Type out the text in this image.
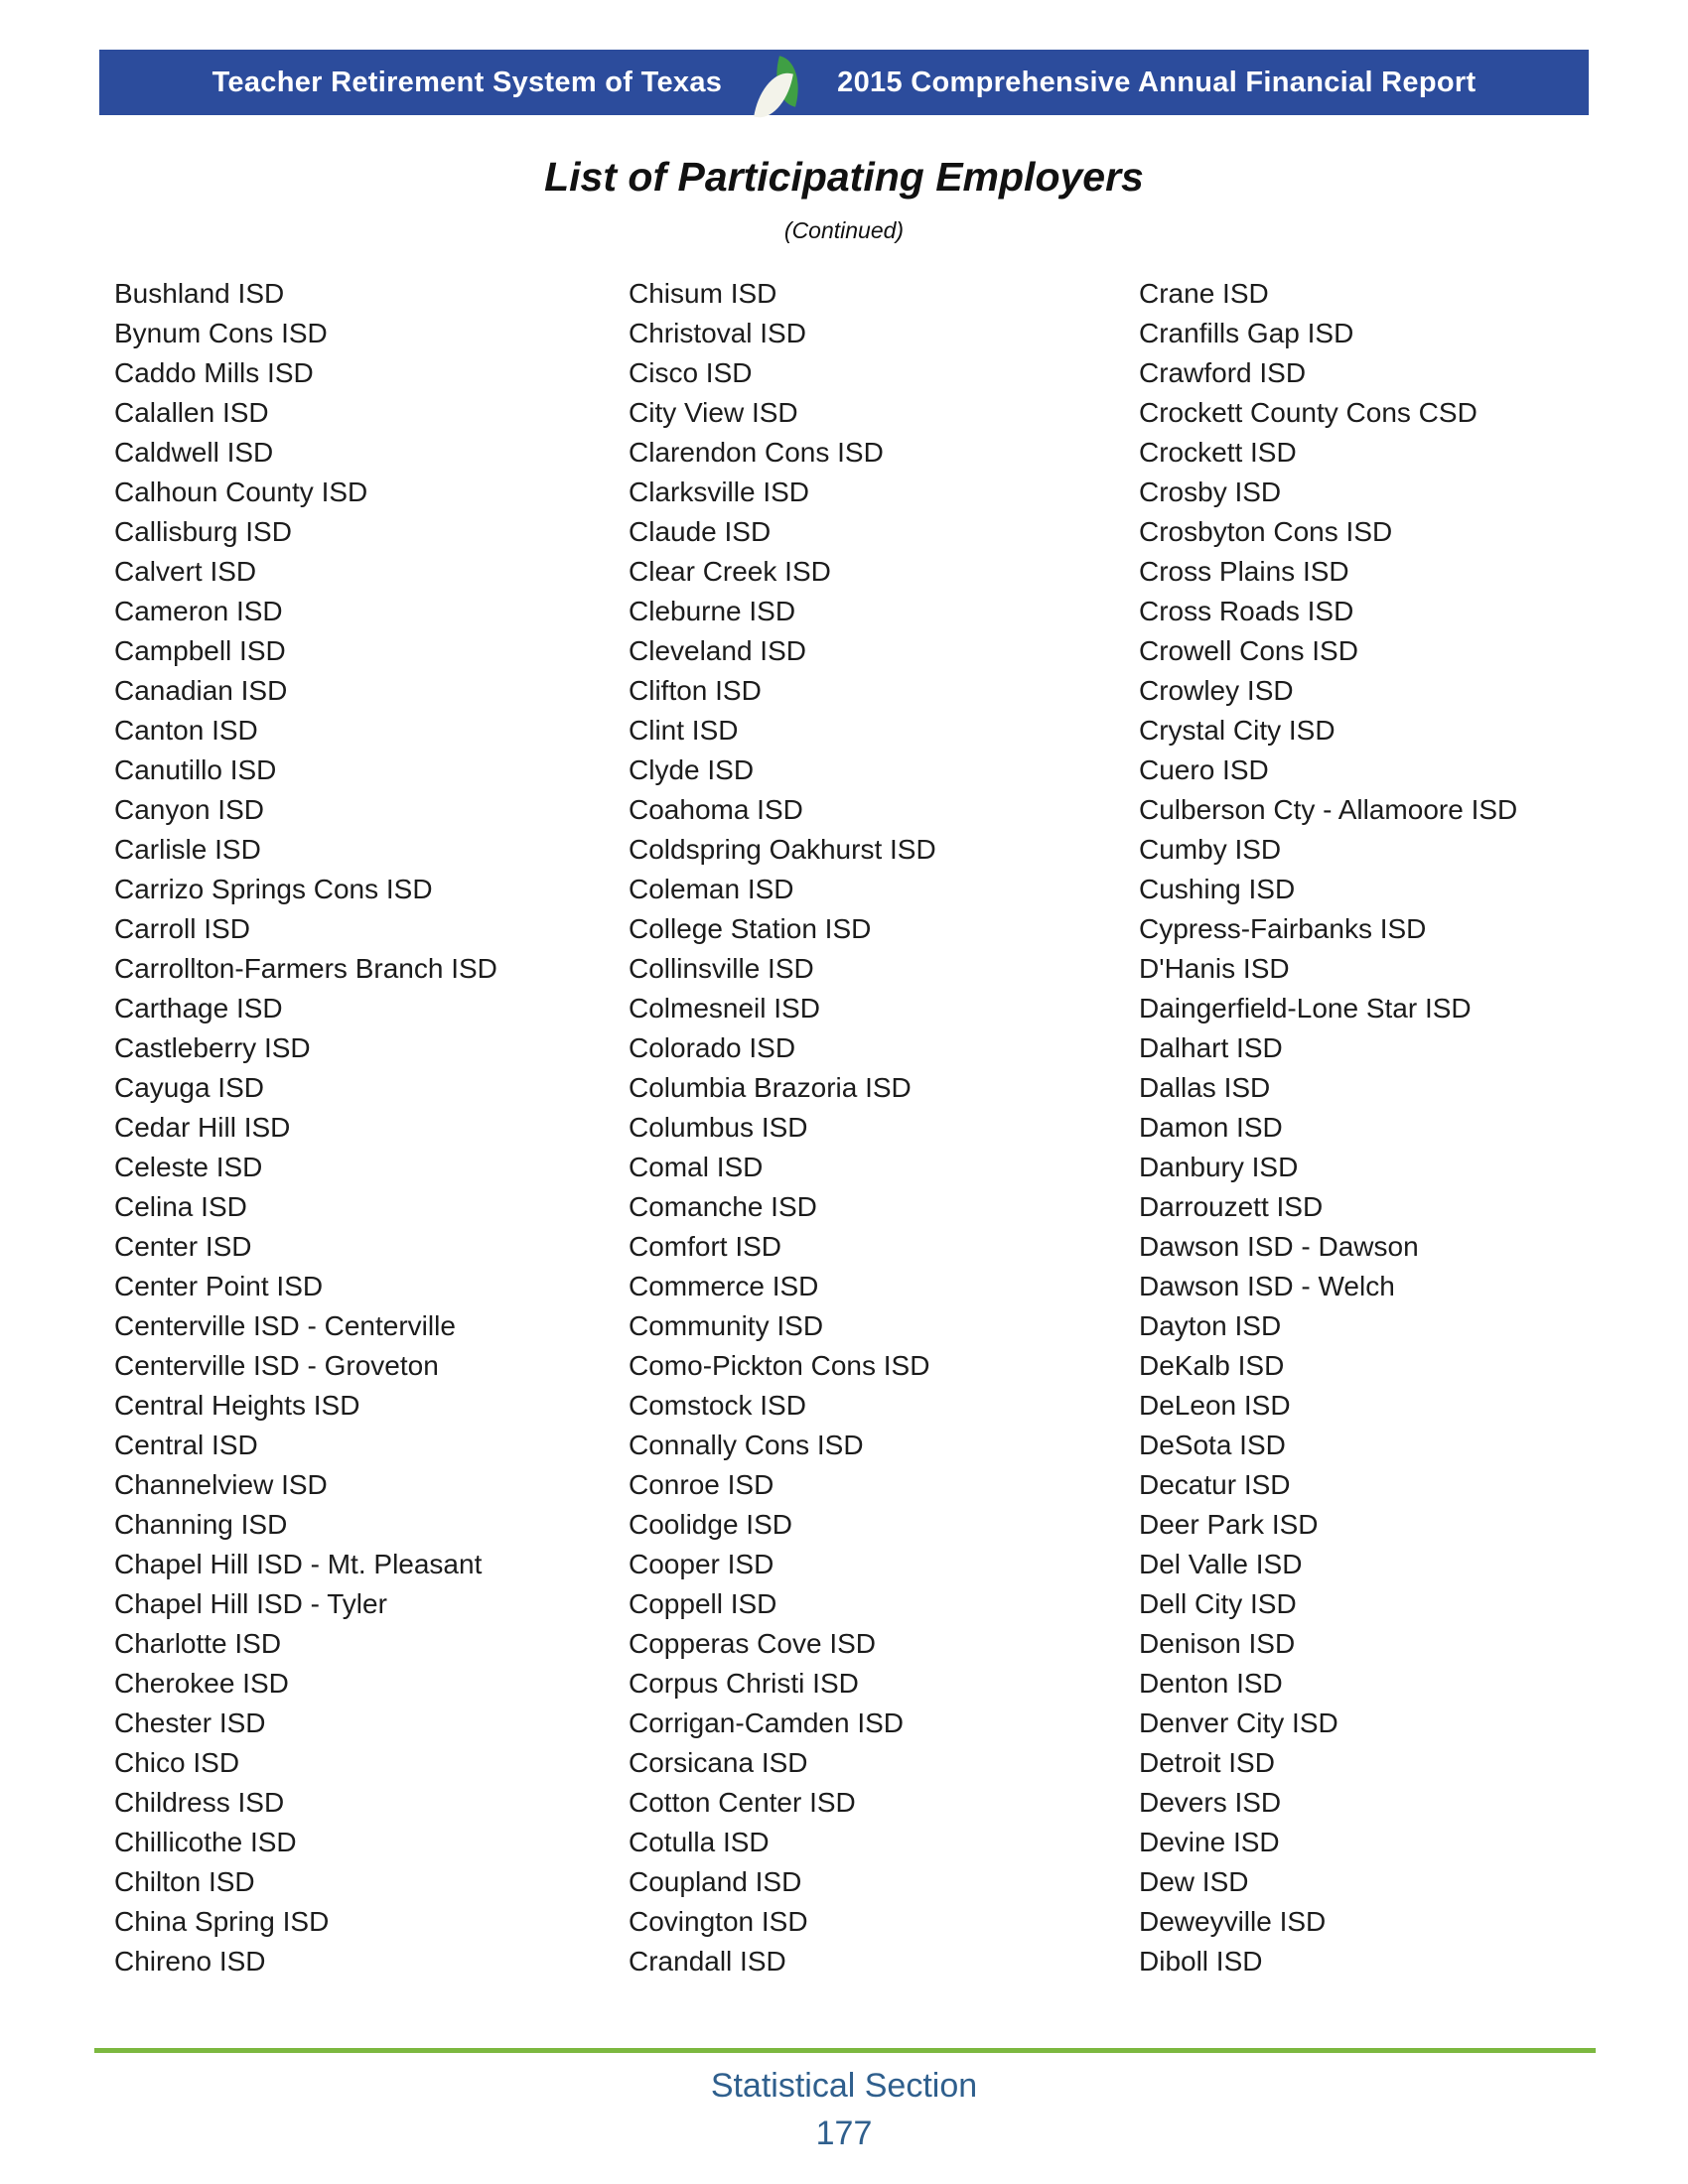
Teacher Retirement System of Texas	2015 Comprehensive Annual Financial Report
List of Participating Employers
(Continued)
Bushland ISD
Bynum Cons ISD
Caddo Mills ISD
Calallen ISD
Caldwell ISD
Calhoun County ISD
Callisburg ISD
Calvert ISD
Cameron ISD
Campbell ISD
Canadian ISD
Canton ISD
Canutillo ISD
Canyon ISD
Carlisle ISD
Carrizo Springs Cons ISD
Carroll ISD
Carrollton-Farmers Branch ISD
Carthage ISD
Castleberry ISD
Cayuga ISD
Cedar Hill ISD
Celeste ISD
Celina ISD
Center ISD
Center Point ISD
Centerville ISD - Centerville
Centerville ISD - Groveton
Central Heights ISD
Central ISD
Channelview ISD
Channing ISD
Chapel Hill ISD - Mt. Pleasant
Chapel Hill ISD - Tyler
Charlotte ISD
Cherokee ISD
Chester ISD
Chico ISD
Childress ISD
Chillicothe ISD
Chilton ISD
China Spring ISD
Chireno ISD
Chisum ISD
Christoval ISD
Cisco ISD
City View ISD
Clarendon Cons ISD
Clarksville ISD
Claude ISD
Clear Creek ISD
Cleburne ISD
Cleveland ISD
Clifton ISD
Clint ISD
Clyde ISD
Coahoma ISD
Coldspring Oakhurst ISD
Coleman ISD
College Station ISD
Collinsville ISD
Colmesneil ISD
Colorado ISD
Columbia Brazoria ISD
Columbus ISD
Comal ISD
Comanche ISD
Comfort ISD
Commerce ISD
Community ISD
Como-Pickton Cons ISD
Comstock ISD
Connally Cons ISD
Conroe ISD
Coolidge ISD
Cooper ISD
Coppell ISD
Copperas Cove ISD
Corpus Christi ISD
Corrigan-Camden ISD
Corsicana ISD
Cotton Center ISD
Cotulla ISD
Coupland ISD
Covington ISD
Crandall ISD
Crane ISD
Cranfills Gap ISD
Crawford ISD
Crockett County Cons CSD
Crockett ISD
Crosby ISD
Crosbyton Cons ISD
Cross Plains ISD
Cross Roads ISD
Crowell Cons ISD
Crowley ISD
Crystal City ISD
Cuero ISD
Culberson Cty - Allamoore ISD
Cumby ISD
Cushing ISD
Cypress-Fairbanks ISD
D'Hanis ISD
Daingerfield-Lone Star ISD
Dalhart ISD
Dallas ISD
Damon ISD
Danbury ISD
Darrouzett ISD
Dawson ISD - Dawson
Dawson ISD - Welch
Dayton ISD
DeKalb ISD
DeLeon ISD
DeSota ISD
Decatur ISD
Deer Park ISD
Del Valle ISD
Dell City ISD
Denison ISD
Denton ISD
Denver City ISD
Detroit ISD
Devers ISD
Devine ISD
Dew ISD
Deweyville ISD
Diboll ISD
Statistical Section
177
